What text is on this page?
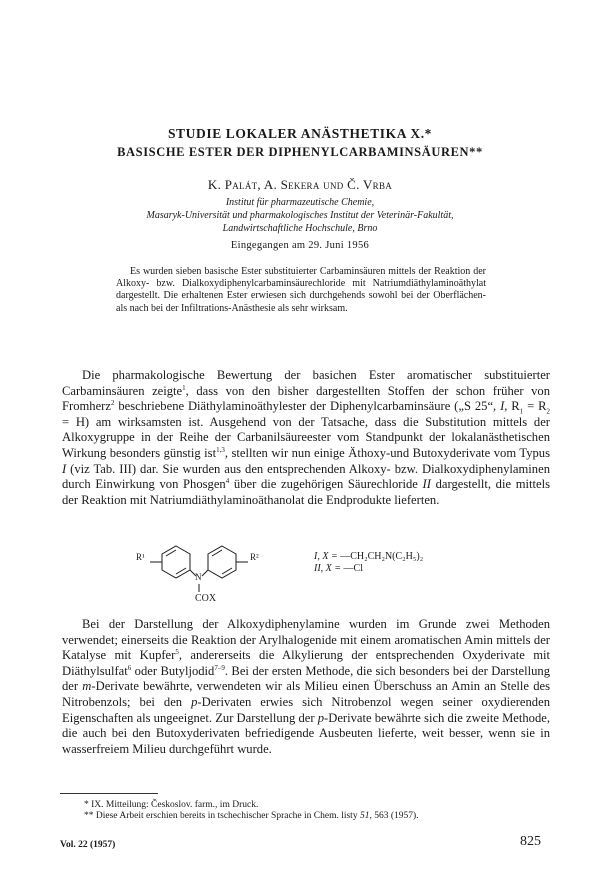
STUDIE LOKALER ANÄSTHETIKA X.*
BASISCHE ESTER DER DIPHENYLCARBAMINSÄUREN**
K. Palát, A. Sekera und Č. Vrba
Institut für pharmazeutische Chemie,
Masaryk-Universität und pharmakologisches Institut der Veterinär-Fakultät,
Landwirtschaftliche Hochschule, Brno
Eingegangen am 29. Juni 1956

Es wurden sieben basische Ester substituierter Carbaminsäuren mittels der Reaktion der Alkoxy- bzw. Dialkoxydiphenylcarbaminsäurechloride mit Natriumdiäthylaminoäthylat dargestellt. Die erhaltenen Ester erwiesen sich durchgehends sowohl bei der Oberflächen- als nach bei der Infiltrations-Anästhesie als sehr wirksam.

Die pharmakologische Bewertung der basichen Ester aromatischer substituierter Carbaminsäuren zeigte$^1$, dass von den bisher dargestellten Stoffen der schon früher von Fromherz$^2$ beschriebene Diäthylaminoäthylester der Diphenylcarbaminsäure („S 25“, I, $R_1 = R_2 = H$) am wirksamsten ist. Ausgehend von der Tatsache, dass die Substitution mittels der Alkoxygruppe in der Reihe der Carbanilsäureester vom Standpunkt der lokalanästhetischen Wirkung besonders günstig ist$^{1,3}$, stellten wir nun einige Äthoxy-und Butoxyderivate vom Typus I (viz Tab. III) dar. Sie wurden aus den entsprechenden Alkoxy- bzw. Dialkoxydiphenylaminen durch Einwirkung von Phosgen$^4$ über die zugehörigen Säurechloride II dargestellt, die mittels der Reaktion mit Natriumdiäthylaminoäthanolat die Endprodukte lieferten.

R¹	R²
N
COX
I, X = —CH₂CH₂N(C₂H₅)₂
II, X = —Cl

Bei der Darstellung der Alkoxydiphenylamine wurden im Grunde zwei Methoden verwendet; einerseits die Reaktion der Arylhalogenide mit einem aromatischen Amin mittels der Katalyse mit Kupfer$^5$, andererseits die Alkylierung der entsprechenden Oxyderivate mit Diäthylsulfat$^6$ oder Butyljodid$^{7-9}$. Bei der ersten Methode, die sich besonders bei der Darstellung der m-Derivate bewährte, verwendeten wir als Milieu einen Überschuss an Amin an Stelle des Nitrobenzols; bei den p-Derivaten erwies sich Nitrobenzol wegen seiner oxydierenden Eigenschaften als ungeeignet. Zur Darstellung der p-Derivate bewährte sich die zweite Methode, die auch bei den Butoxyderivaten befriedigende Ausbeuten lieferte, weit besser, wenn sie in wasserfreiem Milieu durchgeführt wurde.

* IX. Mitteilung: Českoslov. farm., im Druck.
** Diese Arbeit erschien bereits in tschechischer Sprache in Chem. listy 51, 563 (1957).
Vol. 22 (1957)	825
